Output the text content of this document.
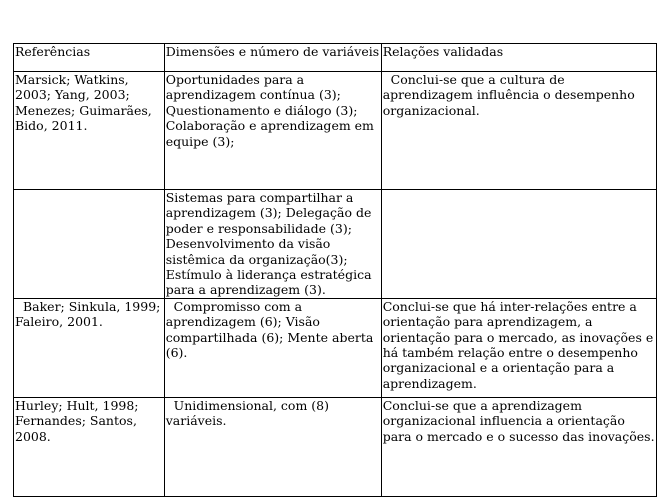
Referências	Dimensões e número de variáveis	Relações validadas
Marsick; Watkins, 2003; Yang, 2003; Menezes; Guimarães, Bido, 2011.	Oportunidades para a aprendizagem contínua (3); Questionamento e diálogo (3); Colaboração e aprendizagem em equipe (3);	Conclui-se que a cultura de aprendizagem influência o desempenho organizacional.
	Sistemas para compartilhar a aprendizagem (3); Delegação de poder e responsabilidade (3); Desenvolvimento da visão sistêmica da organização(3); Estímulo à liderança estratégica para a aprendizagem (3).	
Baker; Sinkula, 1999; Faleiro, 2001.	Compromisso com a aprendizagem (6); Visão compartilhada (6); Mente aberta (6).	Conclui-se que há inter-relações entre a orientação para aprendizagem, a orientação para o mercado, as inovações e há também relação entre o desempenho organizacional e a orientação para a aprendizagem.
Hurley; Hult, 1998; Fernandes; Santos, 2008.	Unidimensional, com (8) variáveis.	Conclui-se que a aprendizagem organizacional influencia a orientação para o mercado e o sucesso das inovações.
